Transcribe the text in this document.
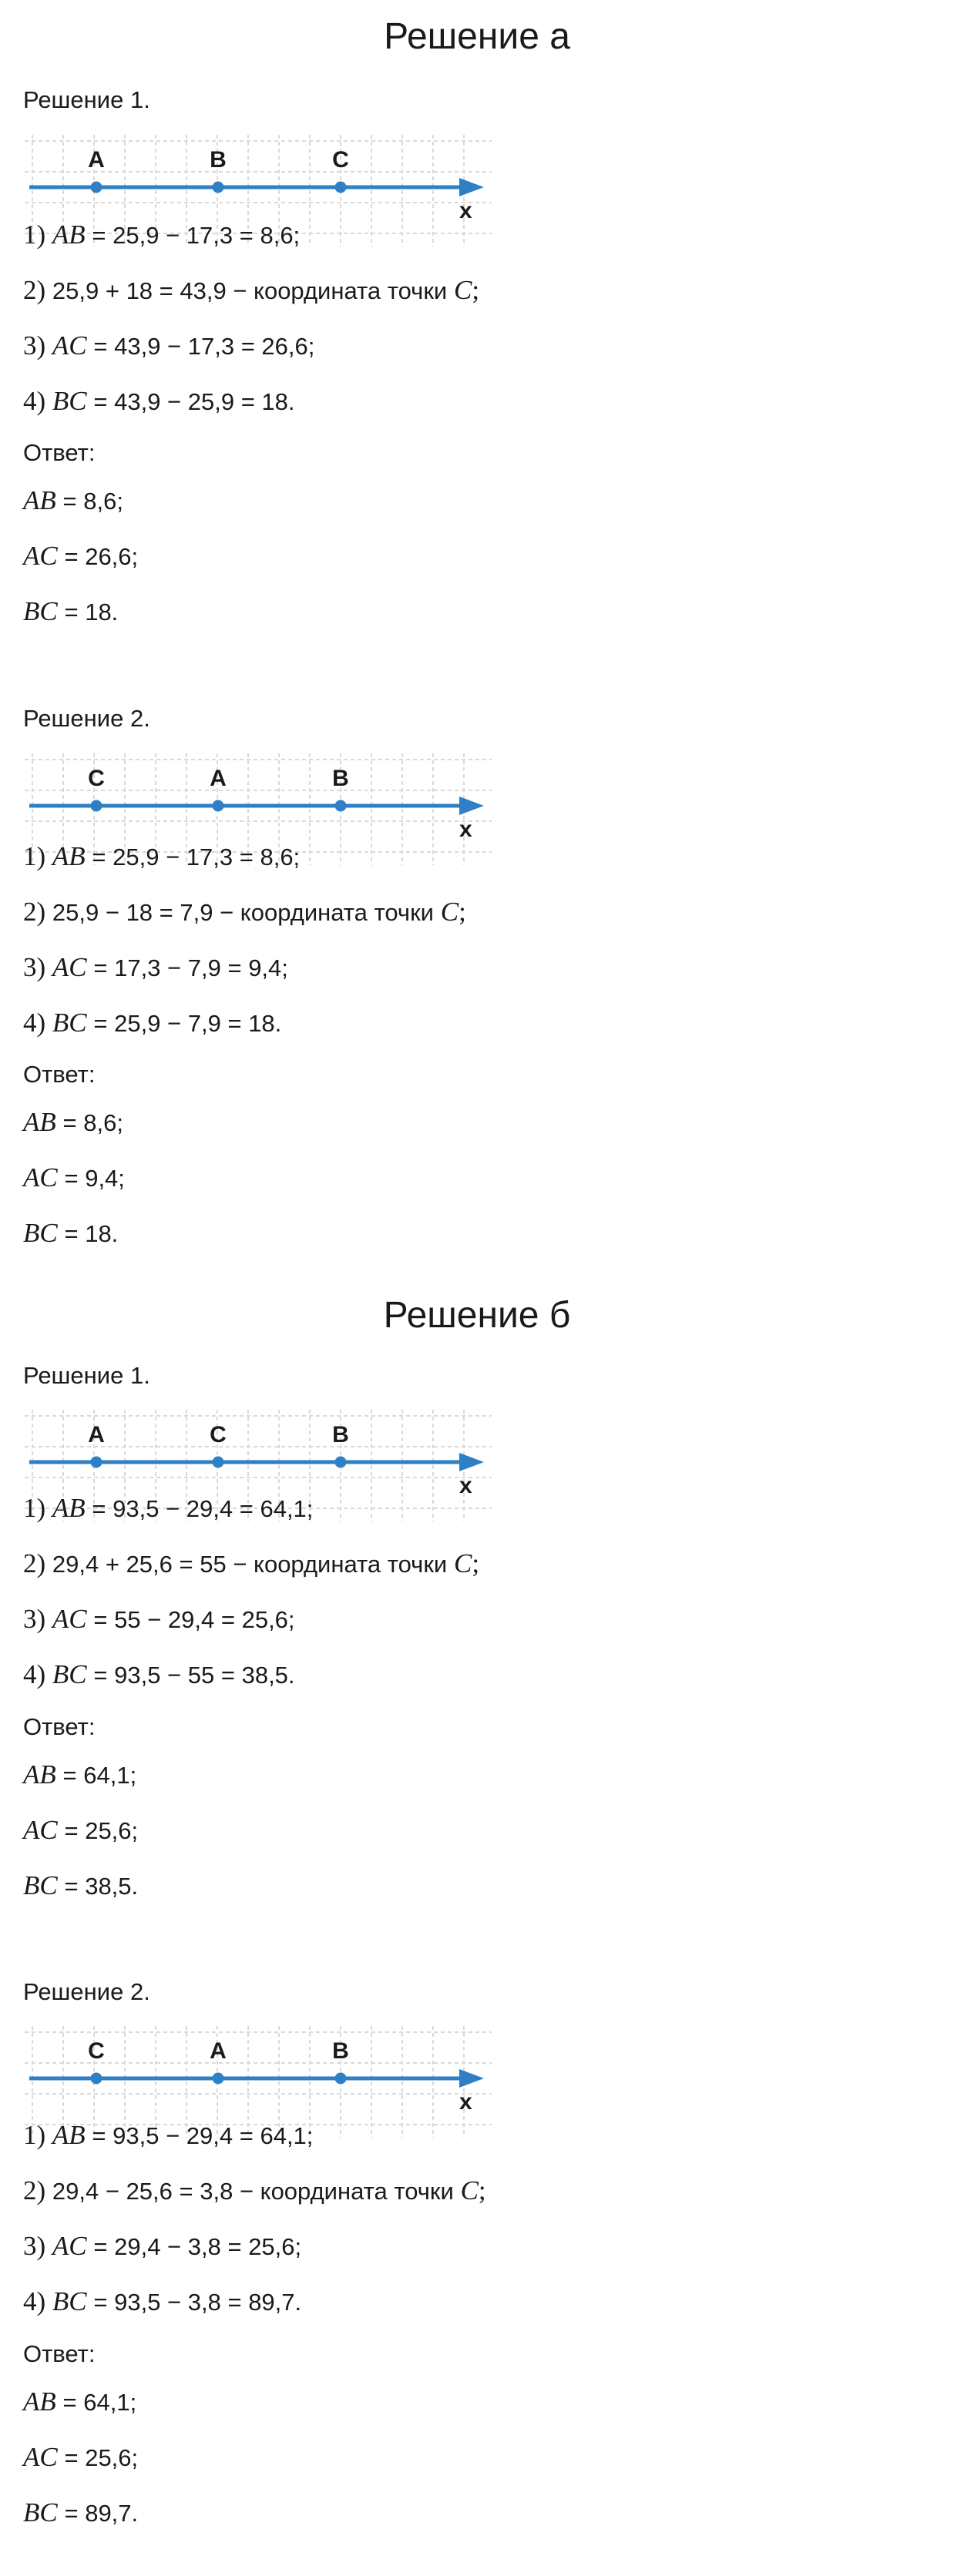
Решение а
Решение 1.
x
A	B	C
1) AB = 25,9 − 17,3 = 8,6;
2) 25,9 + 18 = 43,9 − координата точки C;
3) AC = 43,9 − 17,3 = 26,6;
4) BC = 43,9 − 25,9 = 18.
Ответ:
AB = 8,6;
AC = 26,6;
BC = 18.
Решение 2.
x
C	A	B
1) AB = 25,9 − 17,3 = 8,6;
2) 25,9 − 18 = 7,9 − координата точки C;
3) AC = 17,3 − 7,9 = 9,4;
4) BC = 25,9 − 7,9 = 18.
Ответ:
AB = 8,6;
AC = 9,4;
BC = 18.
Решение б
Решение 1.
x
A	C	B
1) AB = 93,5 − 29,4 = 64,1;
2) 29,4 + 25,6 = 55 − координата точки C;
3) AC = 55 − 29,4 = 25,6;
4) BC = 93,5 − 55 = 38,5.
Ответ:
AB = 64,1;
AC = 25,6;
BC = 38,5.
Решение 2.
x
C	A	B
1) AB = 93,5 − 29,4 = 64,1;
2) 29,4 − 25,6 = 3,8 − координата точки C;
3) AC = 29,4 − 3,8 = 25,6;
4) BC = 93,5 − 3,8 = 89,7.
Ответ:
AB = 64,1;
AC = 25,6;
BC = 89,7.
